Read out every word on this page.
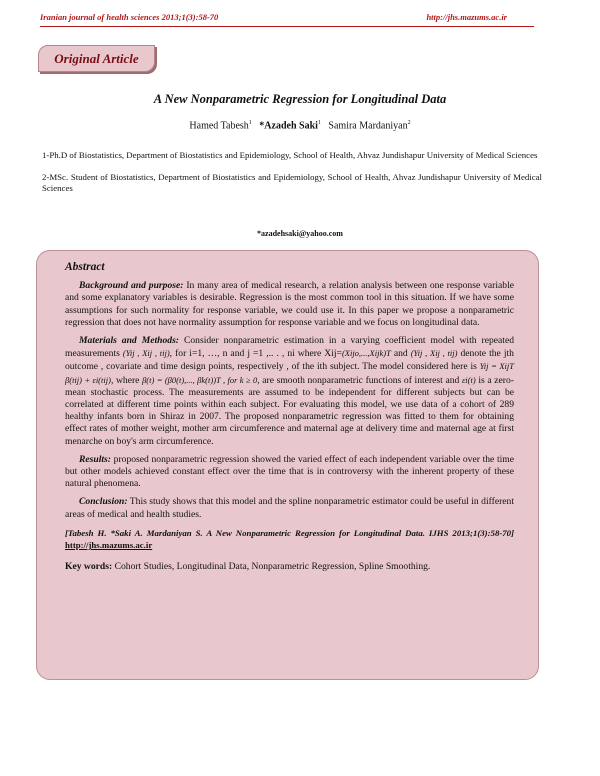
Iranian journal of health sciences 2013;1(3):58-70	http://jhs.mazums.ac.ir
Original Article
A New Nonparametric Regression for Longitudinal Data
Hamed Tabesh$^1$ *Azadeh Saki$^1$ Samira Mardaniyan$^2$
1-Ph.D of Biostatistics, Department of Biostatistics and Epidemiology, School of Health, Ahvaz Jundishapur University of Medical Sciences
2-MSc. Student of Biostatistics, Department of Biostatistics and Epidemiology, School of Health, Ahvaz Jundishapur University of Medical Sciences
*azadehsaki@yahoo.com
Abstract

Background and purpose: In many area of medical research, a relation analysis between one response variable and some explanatory variables is desirable. Regression is the most common tool in this situation. If we have some assumptions for such normality for response variable, we could use it. In this paper we propose a nonparametric regression that does not have normality assumption for response variable and we focus on longitudinal data.

Materials and Methods: Consider nonparametric estimation in a varying coefficient model with repeated measurements (Yij , Xij , tij), for i=1, …, n and j =1 ,.. . , ni where Xij=(Xijo,...,Xijk)T and (Yij , Xij , tij) denote the jth outcome , covariate and time design points, respectively , of the ith subject. The model considered here is Yij = XijT β(tij) + εi(tij), where β(t) = (β0(t),..., βk(t))T , for k ≥ 0, are smooth nonparametric functions of interest and εi(t) is a zero-mean stochastic process. The measurements are assumed to be independent for different subjects but can be correlated at different time points within each subject. For evaluating this model, we use data of a cohort of 289 healthy infants born in Shiraz in 2007. The proposed nonparametric regression was fitted to them for obtaining effect rates of mother weight, mother arm circumference and maternal age at delivery time and maternal age at first menarche on boy's arm circumference.

Results: proposed nonparametric regression showed the varied effect of each independent variable over the time but other models achieved constant effect over the time that is in controversy with the inherent property of these natural phenomena.

Conclusion: This study shows that this model and the spline nonparametric estimator could be useful in different areas of medical and health studies.

[Tabesh H. *Saki A. Mardaniyan S. A New Nonparametric Regression for Longitudinal Data. IJHS 2013;1(3):58-70] http://jhs.mazums.ac.ir

Key words: Cohort Studies, Longitudinal Data, Nonparametric Regression, Spline Smoothing.
